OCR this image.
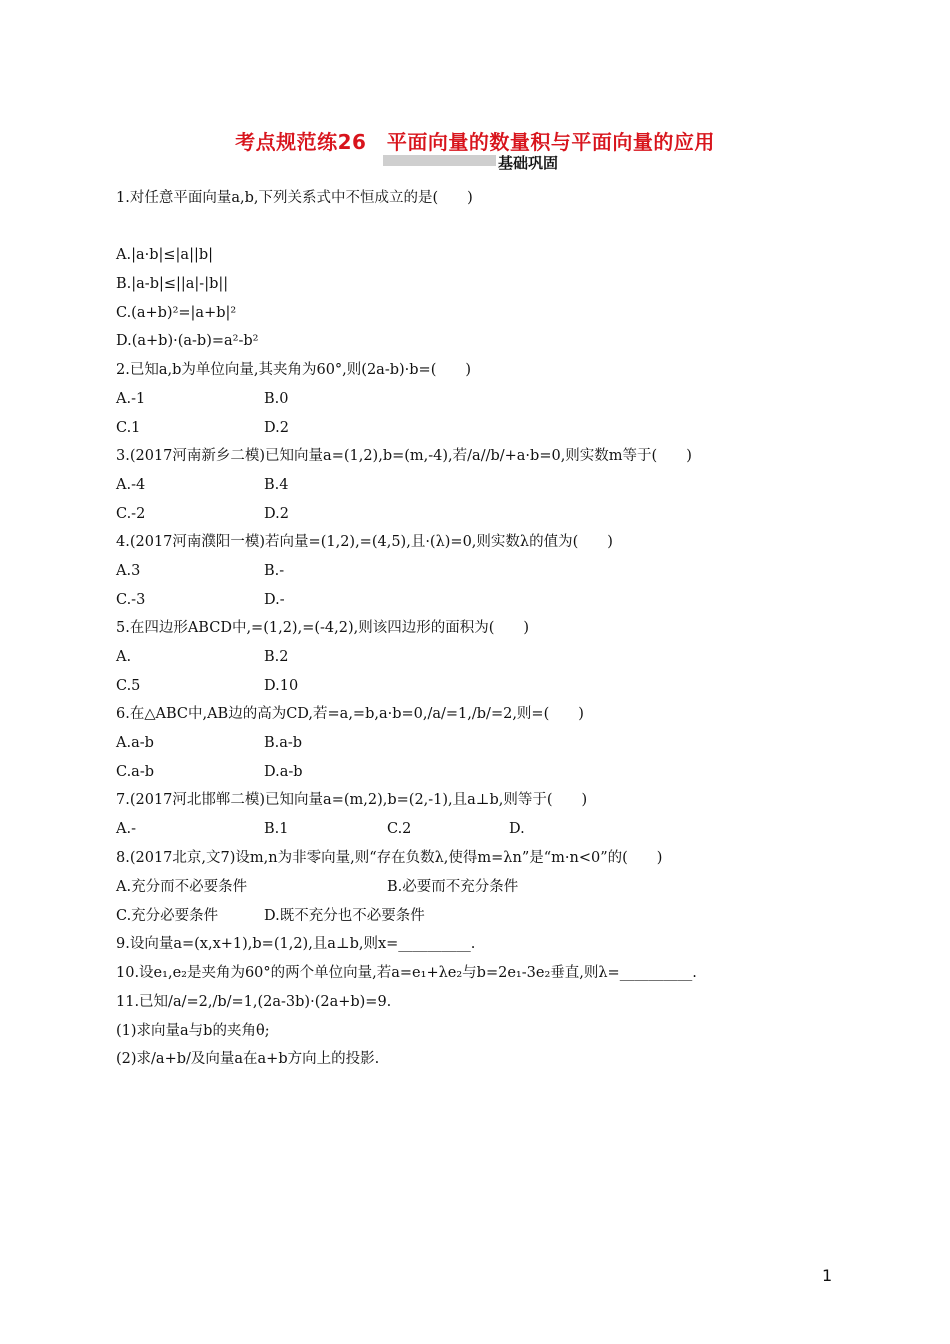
考点规范练26　平面向量的数量积与平面向量的应用
基础巩固
1.对任意平面向量a,b,下列关系式中不恒成立的是(　　)
A.|a·b|≤|a||b|
B.|a-b|≤||a|-|b||
C.(a+b)²=|a+b|²
D.(a+b)·(a-b)=a²-b²
2.已知a,b为单位向量,其夹角为60°,则(2a-b)·b=(　　)
A.-1	B.0
C.1	D.2
3.(2017河南新乡二模)已知向量a=(1,2),b=(m,-4),若/a//b/+a·b=0,则实数m等于(　　)
A.-4	B.4
C.-2	D.2
4.(2017河南濮阳一模)若向量=(1,2),=(4,5),且·(λ)=0,则实数λ的值为(　　)
A.3	B.-
C.-3	D.-
5.在四边形ABCD中,=(1,2),=(-4,2),则该四边形的面积为(　　)
A.	B.2
C.5	D.10
6.在△ABC中,AB边的高为CD,若=a,=b,a·b=0,/a/=1,/b/=2,则=(　　)
A.a-b	B.a-b
C.a-b	D.a-b
7.(2017河北邯郸二模)已知向量a=(m,2),b=(2,-1),且a⊥b,则等于(　　)
A.-	B.1	C.2	D.
8.(2017北京,文7)设m,n为非零向量,则“存在负数λ,使得m=λn”是“m·n<0”的(　　)
A.充分而不必要条件	B.必要而不充分条件
C.充分必要条件	D.既不充分也不必要条件
9.设向量a=(x,x+1),b=(1,2),且a⊥b,则x=__________.
10.设e₁,e₂是夹角为60°的两个单位向量,若a=e₁+λe₂与b=2e₁-3e₂垂直,则λ=__________.
11.已知/a/=2,/b/=1,(2a-3b)·(2a+b)=9.
(1)求向量a与b的夹角θ;
(2)求/a+b/及向量a在a+b方向上的投影.
1
